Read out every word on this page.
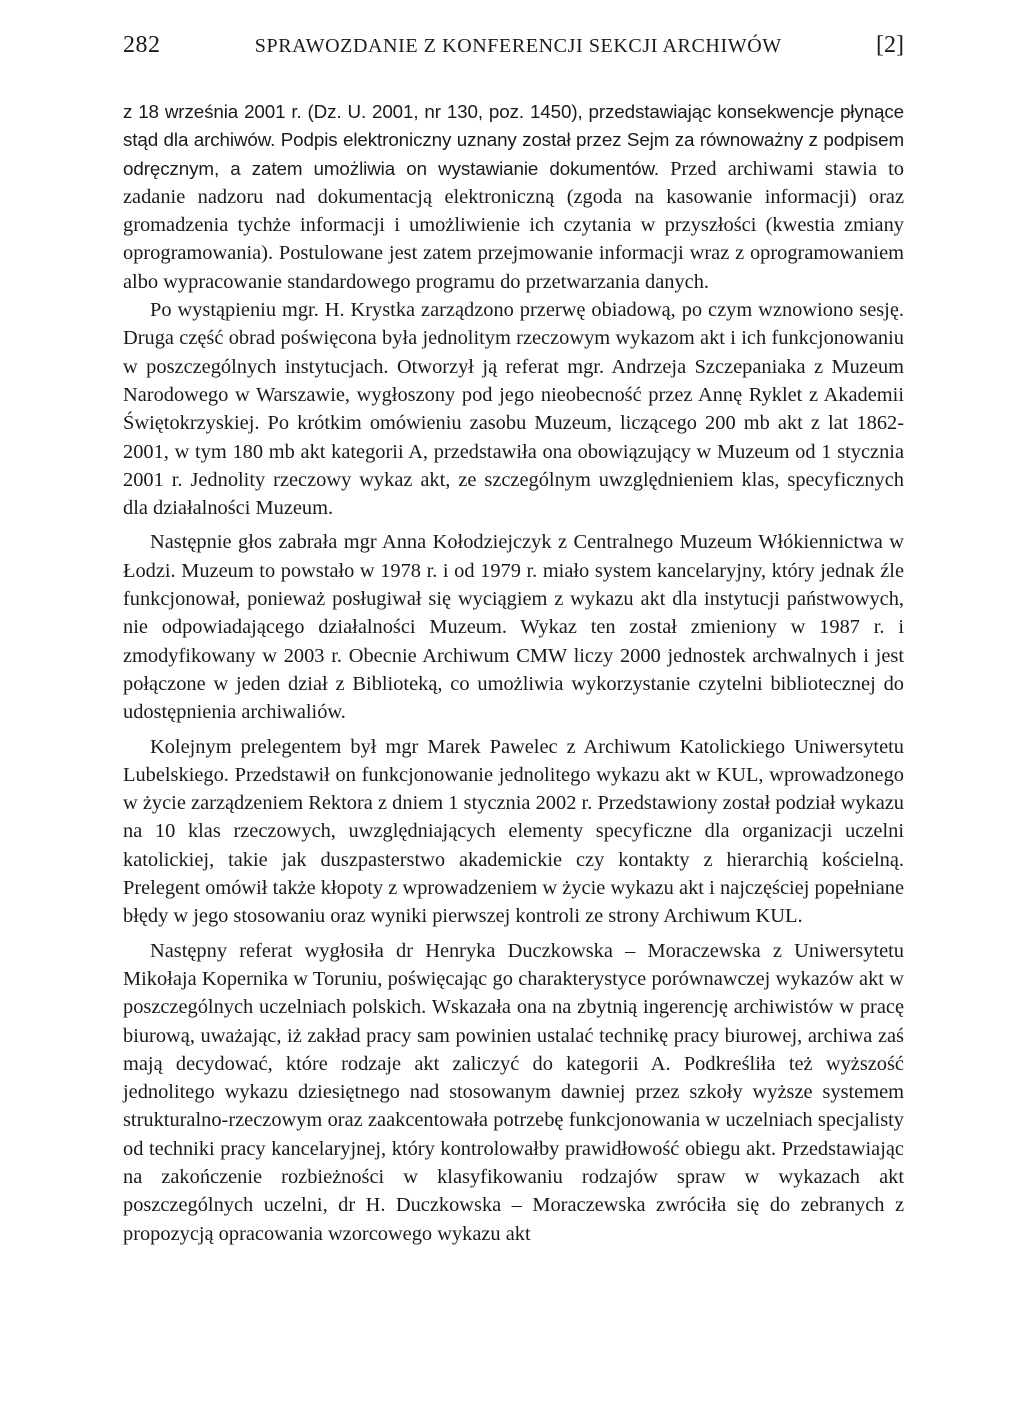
282	SPRAWOZDANIE Z KONFERENCJI SEKCJI ARCHIWÓW	[2]

z 18 września 2001 r. (Dz. U. 2001, nr 130, poz. 1450), przedstawiając konsekwencje płynące stąd dla archiwów. Podpis elektroniczny uznany został przez Sejm za równoważny z podpisem odręcznym, a zatem umożliwia on wystawianie dokumentów. Przed archiwami stawia to zadanie nadzoru nad dokumentacją elektroniczną (zgoda na kasowanie informacji) oraz gromadzenia tychże informacji i umożliwienie ich czytania w przyszłości (kwestia zmiany oprogramowania). Postulowane jest zatem przejmowanie informacji wraz z oprogramowaniem albo wypracowanie standardowego programu do przetwarzania danych.

Po wystąpieniu mgr. H. Krystka zarządzono przerwę obiadową, po czym wznowiono sesję. Druga część obrad poświęcona była jednolitym rzeczowym wykazom akt i ich funkcjonowaniu w poszczególnych instytucjach. Otworzył ją referat mgr. Andrzeja Szczepaniaka z Muzeum Narodowego w Warszawie, wygłoszony pod jego nieobecność przez Annę Ryklet z Akademii Świętokrzyskiej. Po krótkim omówieniu zasobu Muzeum, liczącego 200 mb akt z lat 1862-2001, w tym 180 mb akt kategorii A, przedstawiła ona obowiązujący w Muzeum od 1 stycznia 2001 r. Jednolity rzeczowy wykaz akt, ze szczególnym uwzględnieniem klas, specyficznych dla działalności Muzeum.

Następnie głos zabrała mgr Anna Kołodziejczyk z Centralnego Muzeum Włókiennictwa w Łodzi. Muzeum to powstało w 1978 r. i od 1979 r. miało system kancelaryjny, który jednak źle funkcjonował, ponieważ posługiwał się wyciągiem z wykazu akt dla instytucji państwowych, nie odpowiadającego działalności Muzeum. Wykaz ten został zmieniony w 1987 r. i zmodyfikowany w 2003 r. Obecnie Archiwum CMW liczy 2000 jednostek archwalnych i jest połączone w jeden dział z Biblioteką, co umożliwia wykorzystanie czytelni bibliotecznej do udostępnienia archiwaliów.

Kolejnym prelegentem był mgr Marek Pawelec z Archiwum Katolickiego Uniwersytetu Lubelskiego. Przedstawił on funkcjonowanie jednolitego wykazu akt w KUL, wprowadzonego w życie zarządzeniem Rektora z dniem 1 stycznia 2002 r. Przedstawiony został podział wykazu na 10 klas rzeczowych, uwzględniających elementy specyficzne dla organizacji uczelni katolickiej, takie jak duszpasterstwo akademickie czy kontakty z hierarchią kościelną. Prelegent omówił także kłopoty z wprowadzeniem w życie wykazu akt i najczęściej popełniane błędy w jego stosowaniu oraz wyniki pierwszej kontroli ze strony Archiwum KUL.

Następny referat wygłosiła dr Henryka Duczkowska – Moraczewska z Uniwersytetu Mikołaja Kopernika w Toruniu, poświęcając go charakterystyce porównawczej wykazów akt w poszczególnych uczelniach polskich. Wskazała ona na zbytnią ingerencję archiwistów w pracę biurową, uważając, iż zakład pracy sam powinien ustalać technikę pracy biurowej, archiwa zaś mają decydować, które rodzaje akt zaliczyć do kategorii A. Podkreśliła też wyższość jednolitego wykazu dziesiętnego nad stosowanym dawniej przez szkoły wyższe systemem strukturalno-rzeczowym oraz zaakcentowała potrzebę funkcjonowania w uczelniach specjalisty od techniki pracy kancelaryjnej, który kontrolowałby prawidłowość obiegu akt. Przedstawiając na zakończenie rozbieżności w klasyfikowaniu rodzajów spraw w wykazach akt poszczególnych uczelni, dr H. Duczkowska – Moraczewska zwróciła się do zebranych z propozycją opracowania wzorcowego wykazu akt
